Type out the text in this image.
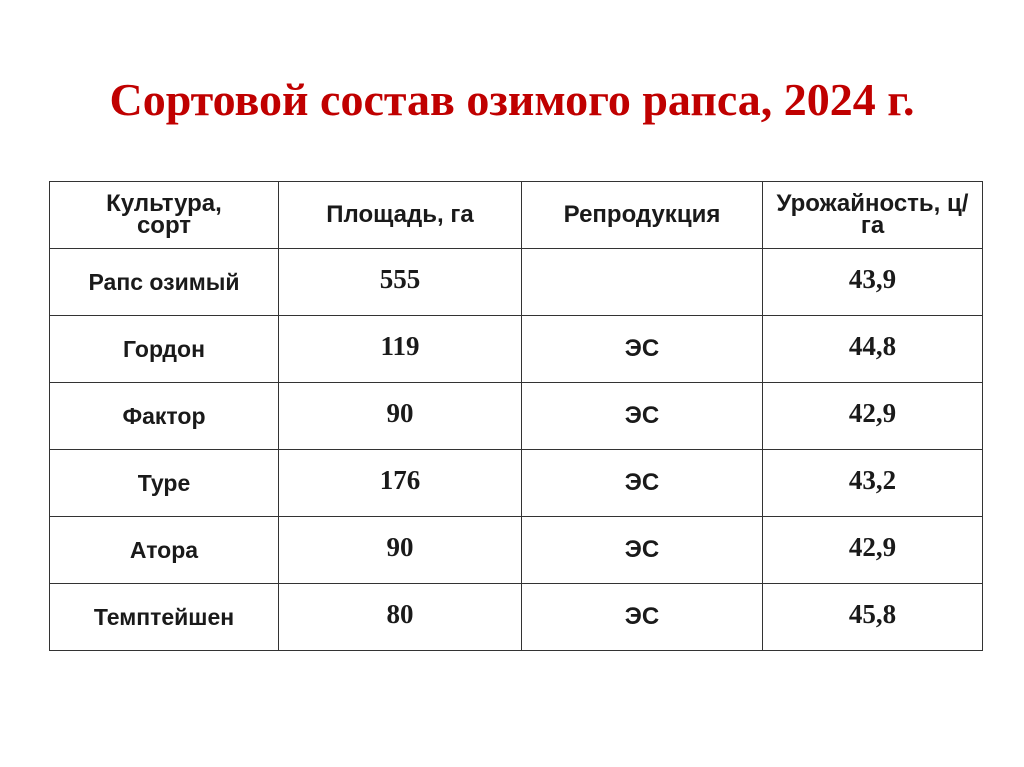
Сортовой состав озимого рапса, 2024 г.
Культура, сорт	Площадь, га	Репродукция	Урожайность, ц/га
Рапс озимый	555		43,9
Гордон	119	ЭС	44,8
Фактор	90	ЭС	42,9
Туре	176	ЭС	43,2
Атора	90	ЭС	42,9
Темптейшен	80	ЭС	45,8
